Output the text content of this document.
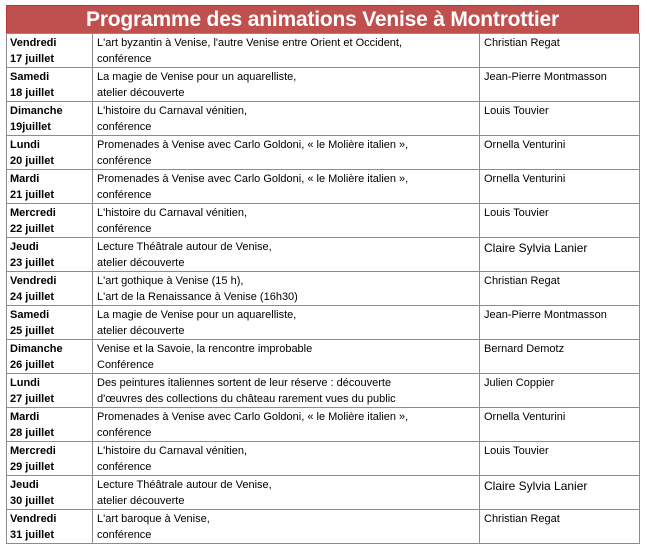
Programme des animations Venise à Montrottier
Vendredi
17 juillet	L'art byzantin à Venise, l'autre Venise entre Orient et Occident,
conférence	Christian Regat

Samedi
18 juillet	La magie de Venise pour un aquarelliste,
atelier découverte	Jean-Pierre Montmasson

Dimanche
19juillet	L'histoire du Carnaval vénitien,
conférence	Louis Touvier

Lundi
20 juillet	Promenades à Venise avec Carlo Goldoni, « le Molière italien »,
conférence	Ornella Venturini

Mardi
21 juillet	Promenades à Venise avec Carlo Goldoni, « le Molière italien »,
conférence	Ornella Venturini

Mercredi
22 juillet	L'histoire du Carnaval vénitien,
conférence	Louis Touvier

Jeudi
23 juillet	Lecture Théâtrale autour de Venise,
atelier découverte	Claire Sylvia Lanier

Vendredi
24 juillet	L'art gothique à Venise (15 h),
L'art de la Renaissance à Venise (16h30)	Christian Regat

Samedi
25 juillet	La magie de Venise pour un aquarelliste,
atelier découverte	Jean-Pierre Montmasson

Dimanche
26 juillet	Venise et la Savoie, la rencontre improbable
Conférence	Bernard Demotz

Lundi
27 juillet	Des peintures italiennes sortent de leur réserve : découverte
d'œuvres des collections du château rarement vues du public	Julien Coppier

Mardi
28 juillet	Promenades à Venise avec Carlo Goldoni, « le Molière italien »,
conférence	Ornella Venturini

Mercredi
29 juillet	L'histoire du Carnaval vénitien,
conférence	Louis Touvier

Jeudi
30 juillet	Lecture Théâtrale autour de Venise,
atelier découverte	Claire Sylvia Lanier

Vendredi
31 juillet	L'art baroque à Venise,
conférence	Christian Regat
